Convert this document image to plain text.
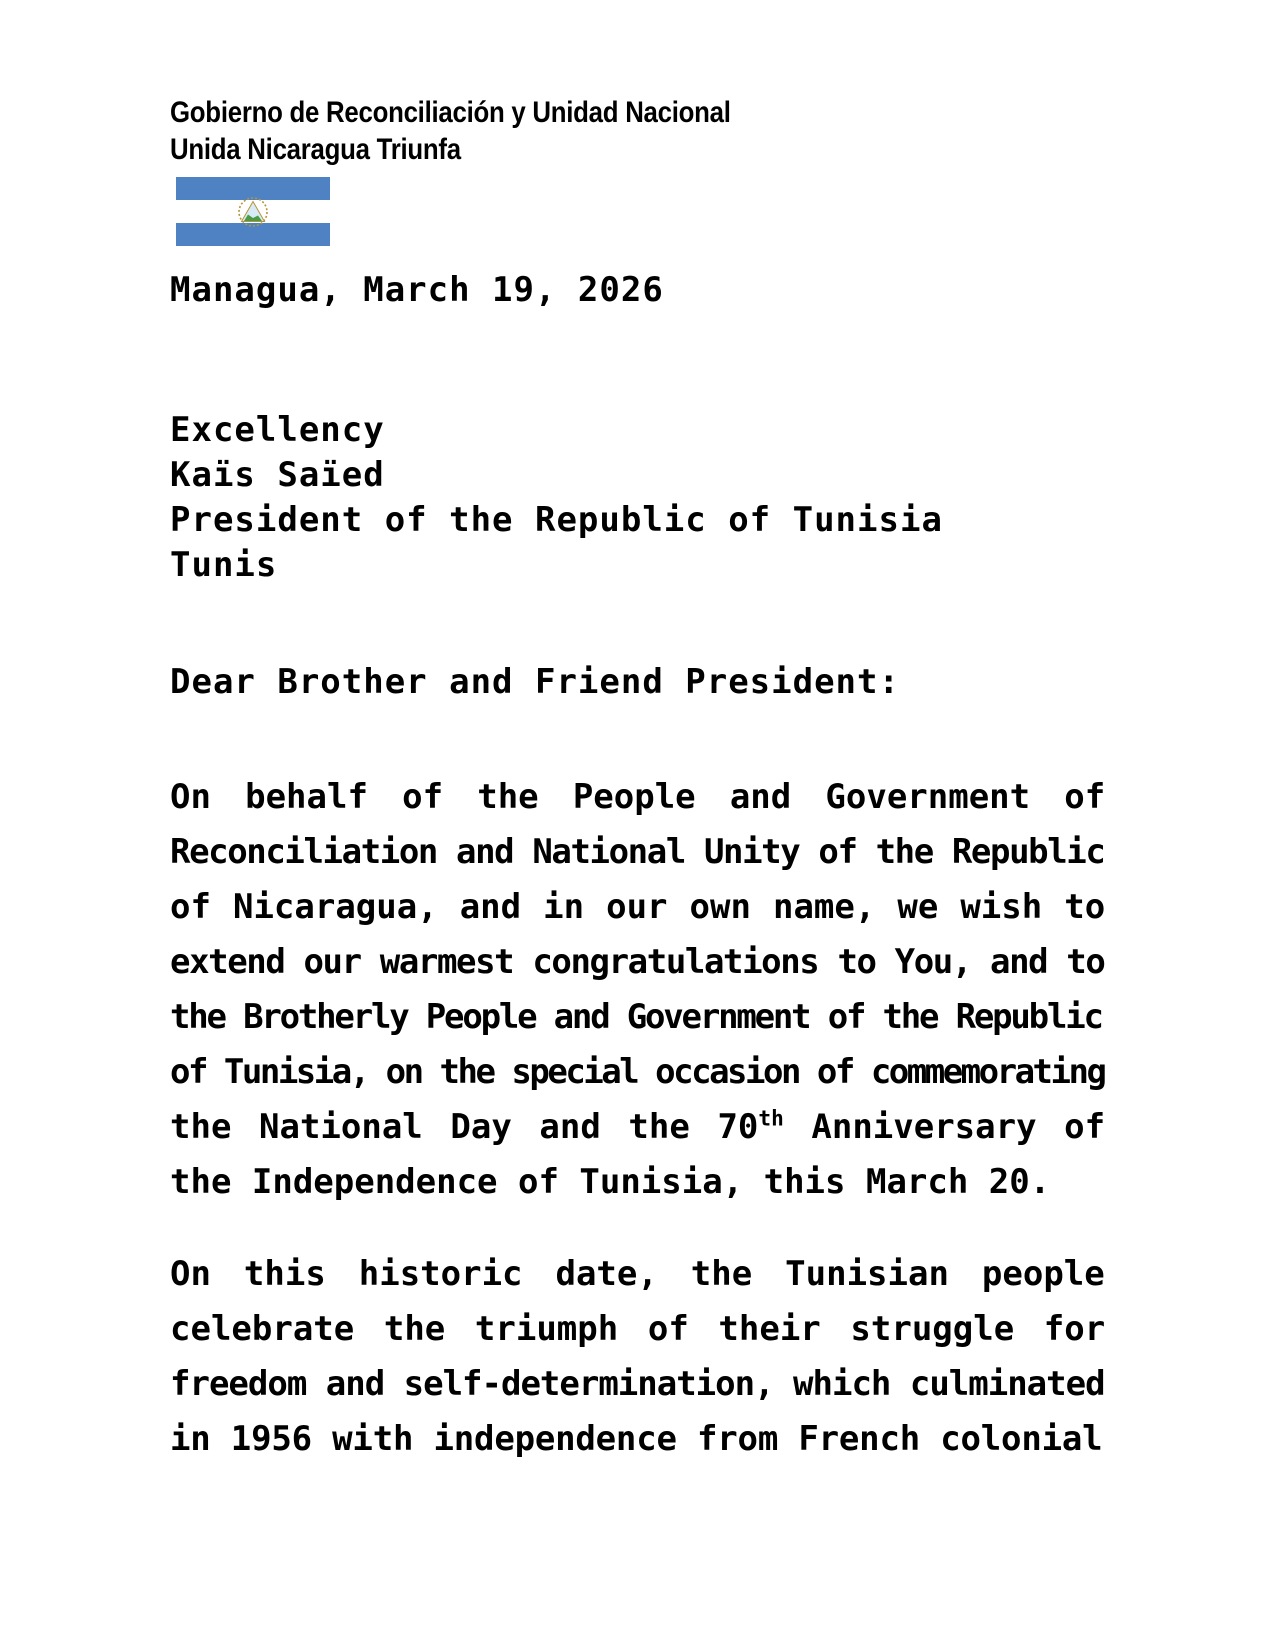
Gobierno de Reconciliación y Unidad Nacional
Unida Nicaragua Triunfa
Managua, March 19, 2026
Excellency
Kaïs Saïed
President of the Republic of Tunisia
Tunis
Dear Brother and Friend President:
On behalf of the People and Government of
Reconciliation and National Unity of the Republic
of Nicaragua, and in our own name, we wish to
extend our warmest congratulations to You, and to
the Brotherly People and Government of the Republic
of Tunisia, on the special occasion of commemorating
the National Day and the 70th Anniversary of
the Independence of Tunisia, this March 20.
On this historic date, the Tunisian people
celebrate the triumph of their struggle for
freedom and self-determination, which culminated
in 1956 with independence from French colonial
